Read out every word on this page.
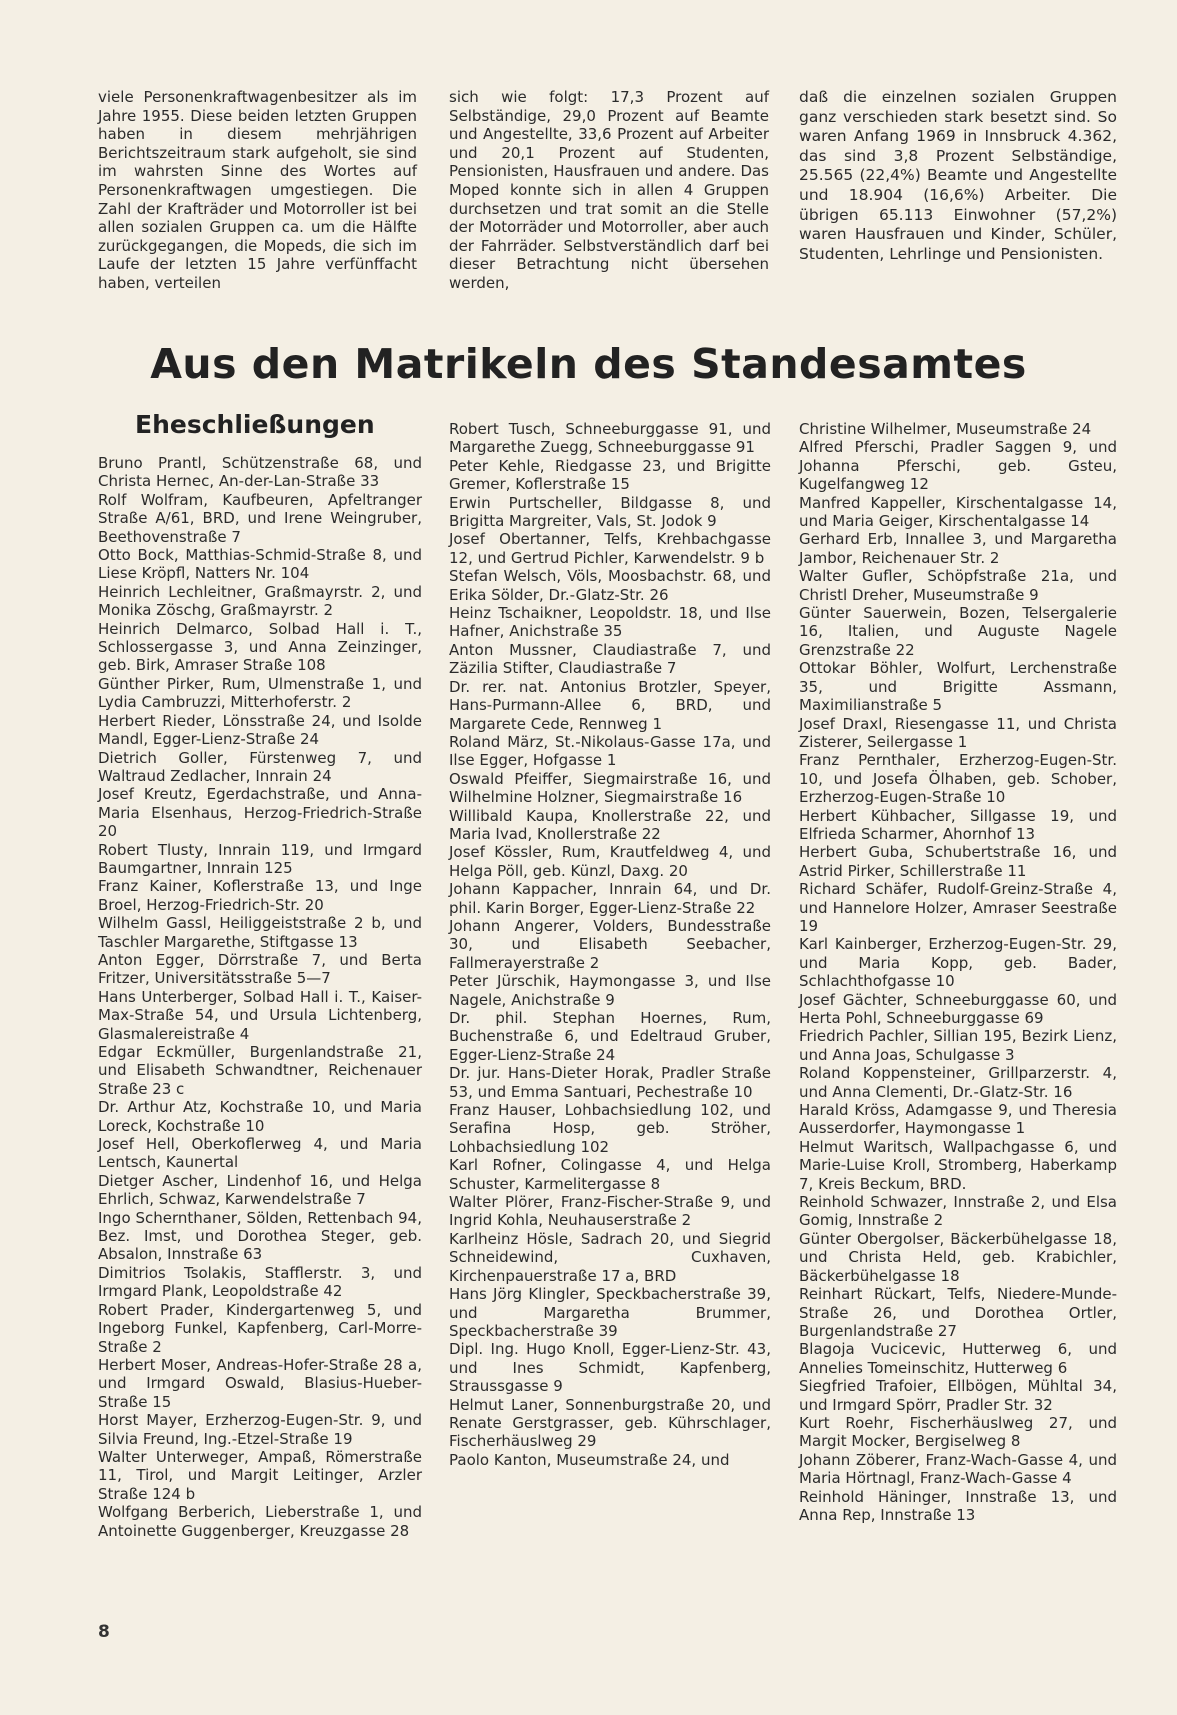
viele Personenkraftwagenbesitzer als im Jahre 1955. Diese beiden letzten Gruppen haben in diesem mehrjährigen Berichtszeitraum stark aufgeholt, sie sind im wahrsten Sinne des Wortes auf Personenkraftwagen umgestiegen. Die Zahl der Krafträder und Motorroller ist bei allen sozialen Gruppen ca. um die Hälfte zurückgegangen, die Mopeds, die sich im Laufe der letzten 15 Jahre verfünffacht haben, verteilen

sich wie folgt: 17,3 Prozent auf Selbständige, 29,0 Prozent auf Beamte und Angestellte, 33,6 Prozent auf Arbeiter und 20,1 Prozent auf Studenten, Pensionisten, Hausfrauen und andere. Das Moped konnte sich in allen 4 Gruppen durchsetzen und trat somit an die Stelle der Motorräder und Motorroller, aber auch der Fahrräder. Selbstverständlich darf bei dieser Betrachtung nicht übersehen werden,

daß die einzelnen sozialen Gruppen ganz verschieden stark besetzt sind. So waren Anfang 1969 in Innsbruck 4.362, das sind 3,8 Prozent Selbständige, 25.565 (22,4%) Beamte und Angestellte und 18.904 (16,6%) Arbeiter. Die übrigen 65.113 Einwohner (57,2%) waren Hausfrauen und Kinder, Schüler, Studenten, Lehrlinge und Pensionisten.

Aus den Matrikeln des Standesamtes
Eheschließungen

Bruno Prantl, Schützenstraße 68, und Christa Hernec, An-der-Lan-Straße 33

Rolf Wolfram, Kaufbeuren, Apfeltranger Straße A/61, BRD, und Irene Weingruber, Beethovenstraße 7

Otto Bock, Matthias-Schmid-Straße 8, und Liese Kröpfl, Natters Nr. 104

Heinrich Lechleitner, Graßmayrstr. 2, und Monika Zöschg, Graßmayrstr. 2

Heinrich Delmarco, Solbad Hall i. T., Schlossergasse 3, und Anna Zeinzinger, geb. Birk, Amraser Straße 108

Günther Pirker, Rum, Ulmenstraße 1, und Lydia Cambruzzi, Mitterhoferstr. 2

Herbert Rieder, Lönsstraße 24, und Isolde Mandl, Egger-Lienz-Straße 24

Dietrich Goller, Fürstenweg 7, und Waltraud Zedlacher, Innrain 24

Josef Kreutz, Egerdachstraße, und Anna-Maria Elsenhaus, Herzog-Friedrich-Straße 20

Robert Tlusty, Innrain 119, und Irmgard Baumgartner, Innrain 125

Franz Kainer, Koflerstraße 13, und Inge Broel, Herzog-Friedrich-Str. 20

Wilhelm Gassl, Heiliggeiststraße 2 b, und Taschler Margarethe, Stiftgasse 13

Anton Egger, Dörrstraße 7, und Berta Fritzer, Universitätsstraße 5—7

Hans Unterberger, Solbad Hall i. T., Kaiser-Max-Straße 54, und Ursula Lichtenberg, Glasmalereistraße 4

Edgar Eckmüller, Burgenlandstraße 21, und Elisabeth Schwandtner, Reichenauer Straße 23 c

Dr. Arthur Atz, Kochstraße 10, und Maria Loreck, Kochstraße 10

Josef Hell, Oberkoflerweg 4, und Maria Lentsch, Kaunertal

Dietger Ascher, Lindenhof 16, und Helga Ehrlich, Schwaz, Karwendelstraße 7

Ingo Schernthaner, Sölden, Rettenbach 94, Bez. Imst, und Dorothea Steger, geb. Absalon, Innstraße 63

Dimitrios Tsolakis, Stafflerstr. 3, und Irmgard Plank, Leopoldstraße 42

Robert Prader, Kindergartenweg 5, und Ingeborg Funkel, Kapfenberg, Carl-Morre-Straße 2

Herbert Moser, Andreas-Hofer-Straße 28 a, und Irmgard Oswald, Blasius-Hueber-Straße 15

Horst Mayer, Erzherzog-Eugen-Str. 9, und Silvia Freund, Ing.-Etzel-Straße 19

Walter Unterweger, Ampaß, Römerstraße 11, Tirol, und Margit Leitinger, Arzler Straße 124 b

Wolfgang Berberich, Lieberstraße 1, und Antoinette Guggenberger, Kreuzgasse 28

Robert Tusch, Schneeburggasse 91, und Margarethe Zuegg, Schneeburggasse 91

Peter Kehle, Riedgasse 23, und Brigitte Gremer, Koflerstraße 15

Erwin Purtscheller, Bildgasse 8, und Brigitta Margreiter, Vals, St. Jodok 9

Josef Obertanner, Telfs, Krehbachgasse 12, und Gertrud Pichler, Karwendelstr. 9 b

Stefan Welsch, Völs, Moosbachstr. 68, und Erika Sölder, Dr.-Glatz-Str. 26

Heinz Tschaikner, Leopoldstr. 18, und Ilse Hafner, Anichstraße 35

Anton Mussner, Claudiastraße 7, und Zäzilia Stifter, Claudiastraße 7

Dr. rer. nat. Antonius Brotzler, Speyer, Hans-Purmann-Allee 6, BRD, und Margarete Cede, Rennweg 1

Roland März, St.-Nikolaus-Gasse 17a, und Ilse Egger, Hofgasse 1

Oswald Pfeiffer, Siegmairstraße 16, und Wilhelmine Holzner, Siegmairstraße 16

Willibald Kaupa, Knollerstraße 22, und Maria Ivad, Knollerstraße 22

Josef Kössler, Rum, Krautfeldweg 4, und Helga Pöll, geb. Künzl, Daxg. 20

Johann Kappacher, Innrain 64, und Dr. phil. Karin Borger, Egger-Lienz-Straße 22

Johann Angerer, Volders, Bundesstraße 30, und Elisabeth Seebacher, Fallmerayerstraße 2

Peter Jürschik, Haymongasse 3, und Ilse Nagele, Anichstraße 9

Dr. phil. Stephan Hoernes, Rum, Buchenstraße 6, und Edeltraud Gruber, Egger-Lienz-Straße 24

Dr. jur. Hans-Dieter Horak, Pradler Straße 53, und Emma Santuari, Pechestraße 10

Franz Hauser, Lohbachsiedlung 102, und Serafina Hosp, geb. Ströher, Lohbachsiedlung 102

Karl Rofner, Colingasse 4, und Helga Schuster, Karmelitergasse 8

Walter Plörer, Franz-Fischer-Straße 9, und Ingrid Kohla, Neuhauserstraße 2

Karlheinz Hösle, Sadrach 20, und Siegrid Schneidewind, Cuxhaven, Kirchenpauerstraße 17 a, BRD

Hans Jörg Klingler, Speckbacherstraße 39, und Margaretha Brummer, Speckbacherstraße 39

Dipl. Ing. Hugo Knoll, Egger-Lienz-Str. 43, und Ines Schmidt, Kapfenberg, Straussgasse 9

Helmut Laner, Sonnenburgstraße 20, und Renate Gerstgrasser, geb. Kührschlager, Fischerhäuslweg 29

Paolo Kanton, Museumstraße 24, und

Christine Wilhelmer, Museumstraße 24

Alfred Pferschi, Pradler Saggen 9, und Johanna Pferschi, geb. Gsteu, Kugelfangweg 12

Manfred Kappeller, Kirschentalgasse 14, und Maria Geiger, Kirschentalgasse 14

Gerhard Erb, Innallee 3, und Margaretha Jambor, Reichenauer Str. 2

Walter Gufler, Schöpfstraße 21a, und Christl Dreher, Museumstraße 9

Günter Sauerwein, Bozen, Telsergalerie 16, Italien, und Auguste Nagele Grenzstraße 22

Ottokar Böhler, Wolfurt, Lerchenstraße 35, und Brigitte Assmann, Maximilianstraße 5

Josef Draxl, Riesengasse 11, und Christa Zisterer, Seilergasse 1

Franz Pernthaler, Erzherzog-Eugen-Str. 10, und Josefa Ölhaben, geb. Schober, Erzherzog-Eugen-Straße 10

Herbert Kühbacher, Sillgasse 19, und Elfrieda Scharmer, Ahornhof 13

Herbert Guba, Schubertstraße 16, und Astrid Pirker, Schillerstraße 11

Richard Schäfer, Rudolf-Greinz-Straße 4, und Hannelore Holzer, Amraser Seestraße 19

Karl Kainberger, Erzherzog-Eugen-Str. 29, und Maria Kopp, geb. Bader, Schlachthofgasse 10

Josef Gächter, Schneeburggasse 60, und Herta Pohl, Schneeburggasse 69

Friedrich Pachler, Sillian 195, Bezirk Lienz, und Anna Joas, Schulgasse 3

Roland Koppensteiner, Grillparzerstr. 4, und Anna Clementi, Dr.-Glatz-Str. 16

Harald Kröss, Adamgasse 9, und Theresia Ausserdorfer, Haymongasse 1

Helmut Waritsch, Wallpachgasse 6, und Marie-Luise Kroll, Stromberg, Haberkamp 7, Kreis Beckum, BRD.

Reinhold Schwazer, Innstraße 2, und Elsa Gomig, Innstraße 2

Günter Obergolser, Bäckerbühelgasse 18, und Christa Held, geb. Krabichler, Bäckerbühelgasse 18

Reinhart Rückart, Telfs, Niedere-Munde-Straße 26, und Dorothea Ortler, Burgenlandstraße 27

Blagoja Vucicevic, Hutterweg 6, und Annelies Tomeinschitz, Hutterweg 6

Siegfried Trafoier, Ellbögen, Mühltal 34, und Irmgard Spörr, Pradler Str. 32

Kurt Roehr, Fischerhäuslweg 27, und Margit Mocker, Bergiselweg 8

Johann Zöberer, Franz-Wach-Gasse 4, und Maria Hörtnagl, Franz-Wach-Gasse 4

Reinhold Häninger, Innstraße 13, und Anna Rep, Innstraße 13

8
